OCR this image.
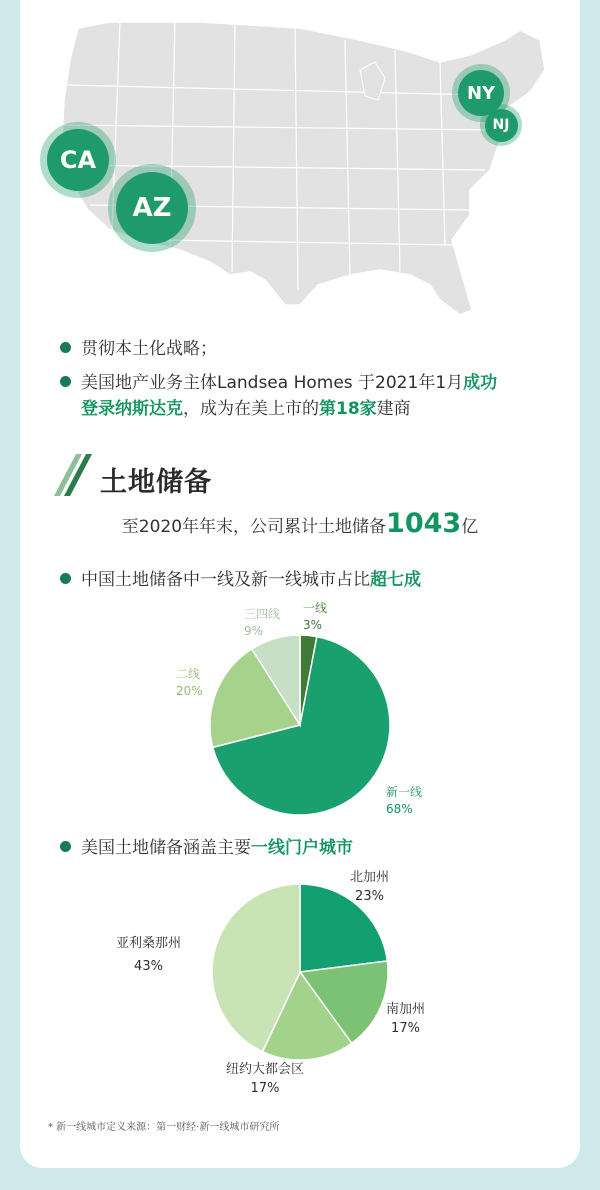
CA
AZ
NY
NJ
贯彻本土化战略；
美国地产业务主体Landsea Homes 于2021年1月成功
登录纳斯达克，成为在美上市的第18家建商
土地储备
至2020年年末，公司累计土地储备1043亿
中国土地储备中一线及新一线城市占比超七成
一线
3%
三四线
9%
二线
20%
新一线
68%
美国土地储备涵盖主要一线门户城市
北加州
23%
南加州
17%
纽约大都会区
17%
亚利桑那州
43%
* 新一线城市定义来源：第一财经·新一线城市研究所
